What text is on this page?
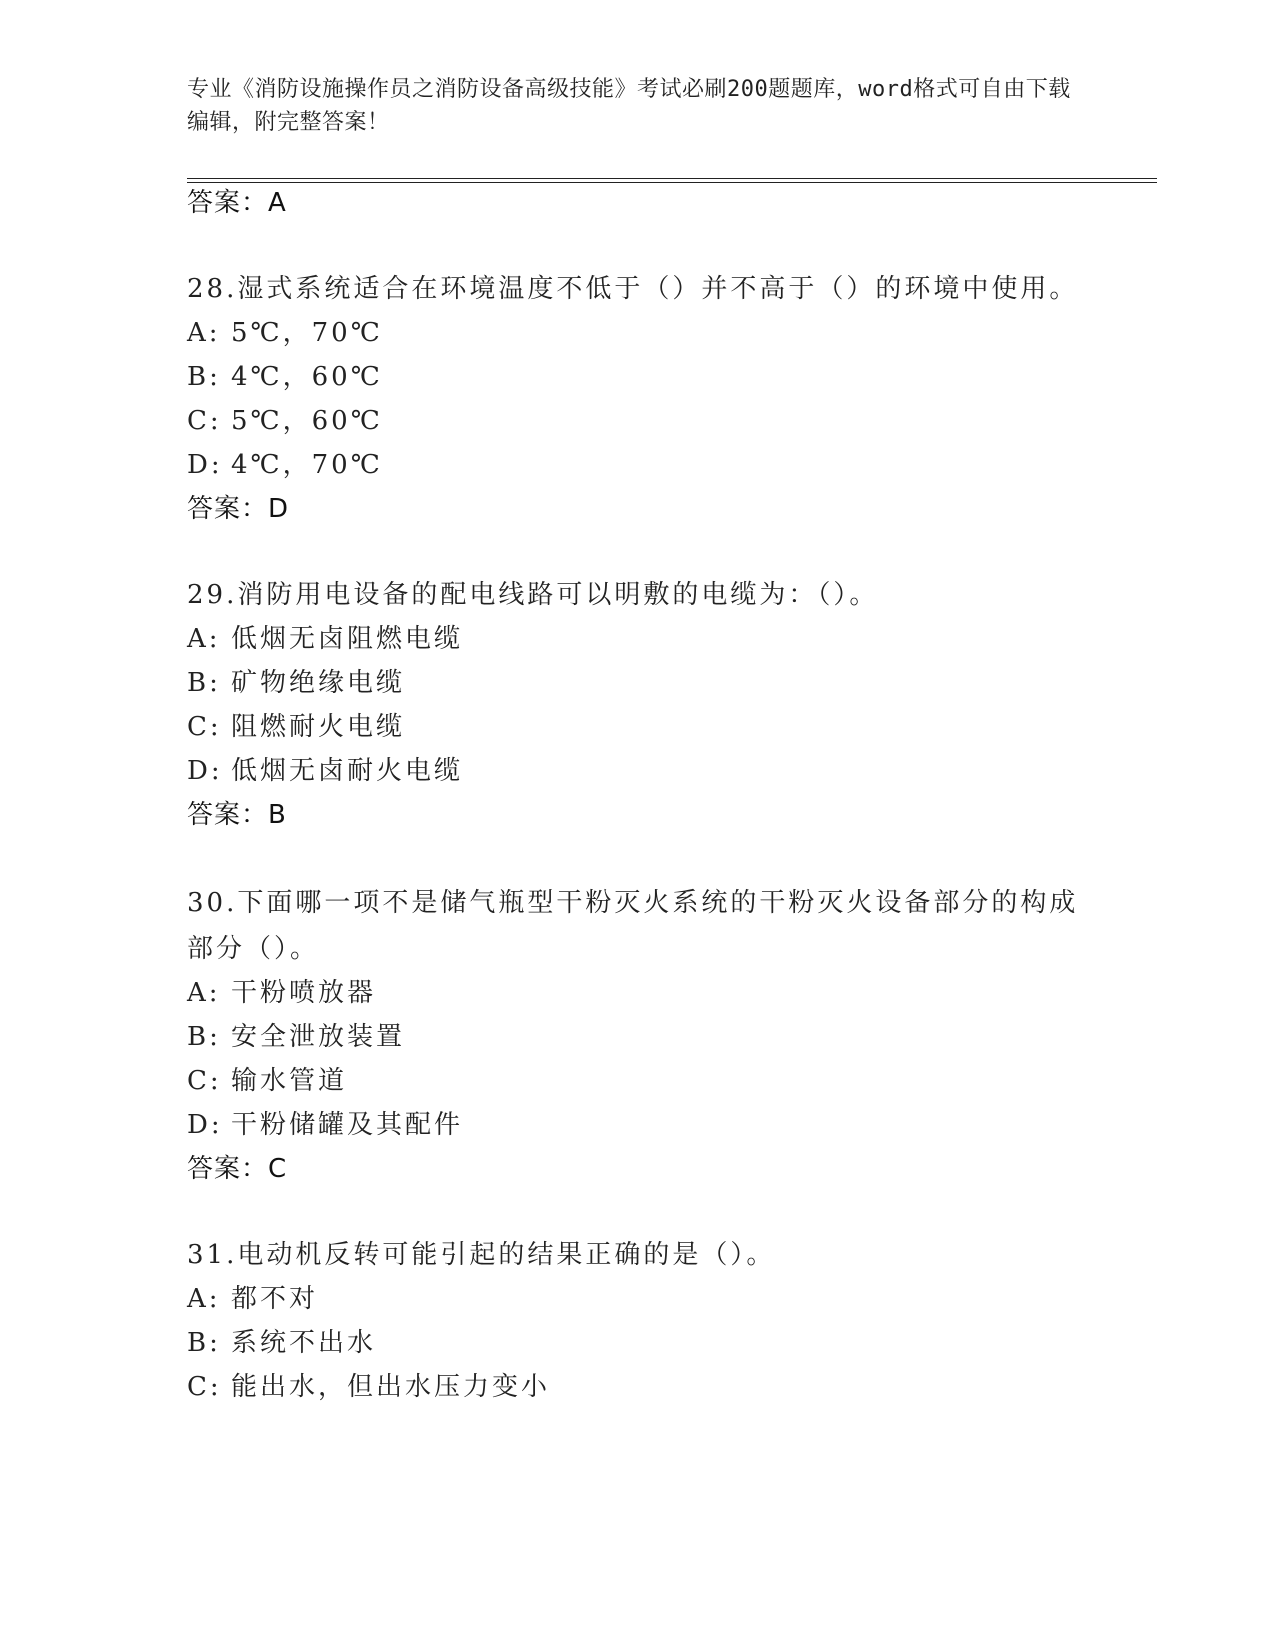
专业《消防设施操作员之消防设备高级技能》考试必刷200题题库，word格式可自由下载编辑，附完整答案！
答案：A
28.湿式系统适合在环境温度不低于（）并不高于（）的环境中使用。
A: 5℃，70℃
B: 4℃，60℃
C: 5℃，60℃
D: 4℃，70℃
答案：D
29.消防用电设备的配电线路可以明敷的电缆为：（）。
A: 低烟无卤阻燃电缆
B: 矿物绝缘电缆
C: 阻燃耐火电缆
D: 低烟无卤耐火电缆
答案：B
30.下面哪一项不是储气瓶型干粉灭火系统的干粉灭火设备部分的构成部分（）。
A: 干粉喷放器
B: 安全泄放装置
C: 输水管道
D: 干粉储罐及其配件
答案：C
31.电动机反转可能引起的结果正确的是（）。
A: 都不对
B: 系统不出水
C: 能出水，但出水压力变小
